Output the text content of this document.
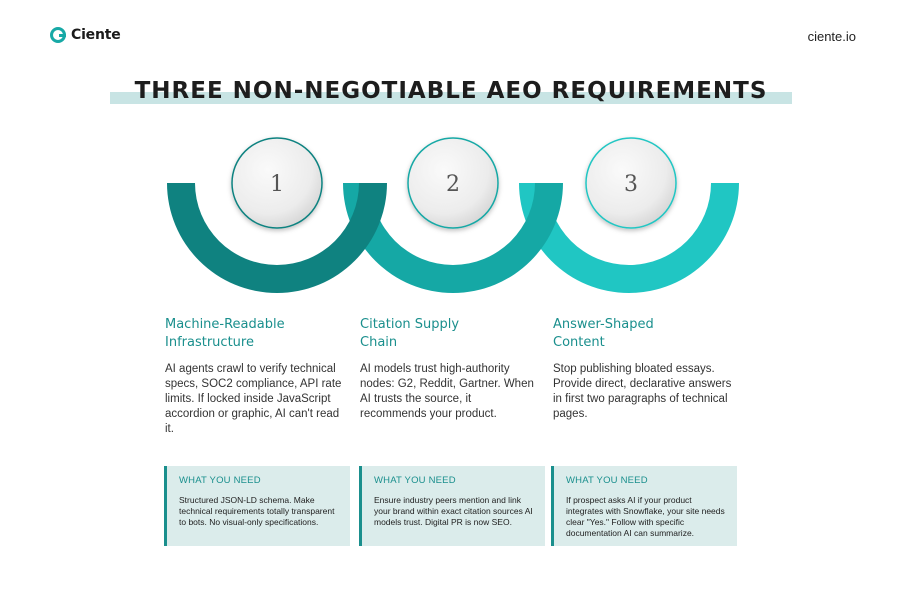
Ciente	ciente.io
THREE NON-NEGOTIABLE AEO REQUIREMENTS
1	2	3
Machine-Readable
Infrastructure

AI agents crawl to verify technical specs, SOC2 compliance, API rate limits. If locked inside JavaScript accordion or graphic, AI can't read it.

WHAT YOU NEED

Structured JSON-LD schema. Make technical requirements totally transparent to bots. No visual-only specifications.

Citation Supply
Chain

AI models trust high-authority nodes: G2, Reddit, Gartner. When AI trusts the source, it recommends your product.

WHAT YOU NEED

Ensure industry peers mention and link your brand within exact citation sources AI models trust. Digital PR is now SEO.

Answer-Shaped
Content

Stop publishing bloated essays. Provide direct, declarative answers in first two paragraphs of technical pages.

WHAT YOU NEED

If prospect asks AI if your product integrates with Snowflake, your site needs clear "Yes." Follow with specific documentation AI can summarize.
